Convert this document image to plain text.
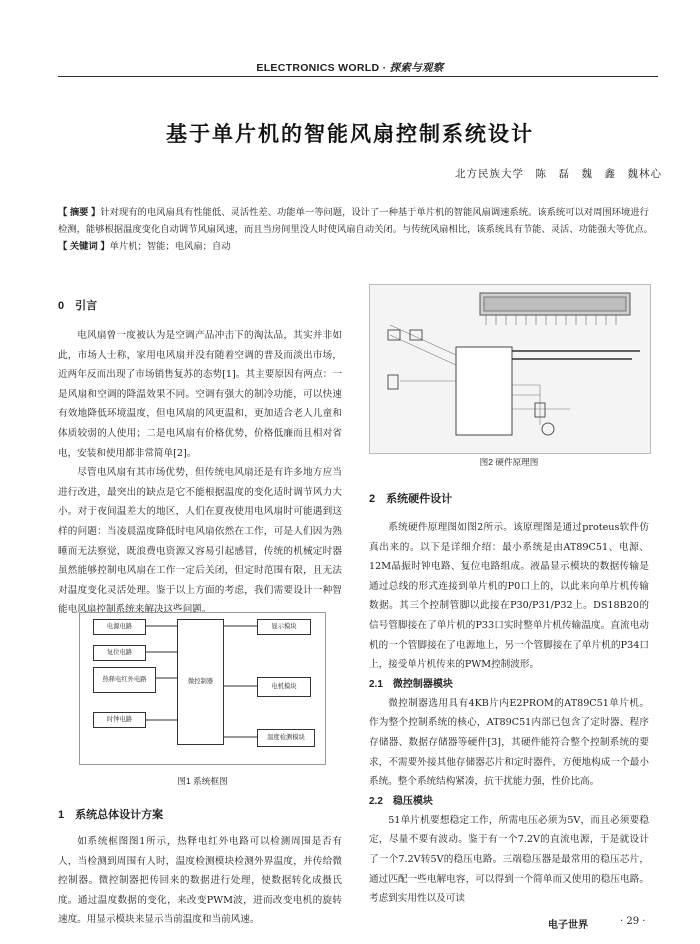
ELECTRONICS WORLD · 探索与观察
基于单片机的智能风扇控制系统设计
北方民族大学　陈　磊　魏　鑫　魏林心
【 摘要 】针对现有的电风扇具有性能低、灵活性差、功能单一等问题，设计了一种基于单片机的智能风扇调速系统。该系统可以对周围环境进行检测，能够根据温度变化自动调节风扇风速，而且当房间里没人时使风扇自动关闭。与传统风扇相比，该系统具有节能、灵活、功能强大等优点。
【 关键词 】单片机；智能；电风扇；自动
0　引言

电风扇曾一度被认为是空调产品冲击下的淘汰品，其实并非如此，市场人士称，家用电风扇并没有随着空调的普及而淡出市场，近两年反而出现了市场销售复苏的态势[1]。其主要原因有两点：一是风扇和空调的降温效果不同。空调有强大的制冷功能，可以快速有效地降低环境温度，但电风扇的风更温和，更加适合老人儿童和体质较弱的人使用；二是电风扇有价格优势，价格低廉而且相对省电，安装和使用都非常简单[2]。

尽管电风扇有其市场优势，但传统电风扇还是有许多地方应当进行改进，最突出的缺点是它不能根据温度的变化适时调节风力大小。对于夜间温差大的地区，人们在夏夜使用电风扇时可能遇到这样的问题：当凌晨温度降低时电风扇依然在工作，可是人们因为熟睡而无法察觉，既浪费电资源又容易引起感冒，传统的机械定时器虽然能够控制电风扇在工作一定后关闭，但定时范围有限，且无法对温度变化灵活处理。鉴于以上方面的考虑，我们需要设计一种智能电风扇控制系统来解决这些问题。

电源电路
复位电路
热释电红外电路
时钟电路
微控制器
显示模块
电机模块
温度检测模块
图1 系统框图
1　系统总体设计方案

如系统框图图1所示，热释电红外电路可以检测周围是否有人，当检测到周围有人时，温度检测模块检测外界温度，并传给微控制器。微控制器把传回来的数据进行处理，使数据转化成摄氏度。通过温度数据的变化，来改变PWM波，进而改变电机的旋转速度。用显示模块来显示当前温度和当前风速。

图2 硬件原理图
2　系统硬件设计

系统硬件原理图如图2所示。该原理图是通过proteus软件仿真出来的。以下是详细介绍：最小系统是由AT89C51、电源、12M晶振时钟电路、复位电路组成。液晶显示模块的数据传输是通过总线的形式连接到单片机的P0口上的，以此来向单片机传输数据。其三个控制管脚以此接在P30/P31/P32上。DS18B20的信号管脚接在了单片机的P33口实时整单片机传输温度。直流电动机的一个管脚接在了电源地上，另一个管脚接在了单片机的P34口上，接受单片机传来的PWM控制波形。

2.1　微控制器模块

微控制器选用具有4KB片内E2PROM的AT89C51单片机。作为整个控制系统的核心，AT89C51内部已包含了定时器、程序存储器、数据存储器等硬件[3]，其硬件能符合整个控制系统的要求，不需要外接其他存储器芯片和定时器件，方便地构成一个最小系统。整个系统结构紧凑，抗干扰能力强，性价比高。

2.2　稳压模块

51单片机要想稳定工作，所需电压必须为5V，而且必须要稳定，尽量不要有波动。鉴于有一个7.2V的直流电源，于是就设计了一个7.2V转5V的稳压电路。三端稳压器是最常用的稳压芯片，通过匹配一些电解电容，可以得到一个简单而又使用的稳压电路。考虑到实用性以及可读

电子世界	· 29 ·
